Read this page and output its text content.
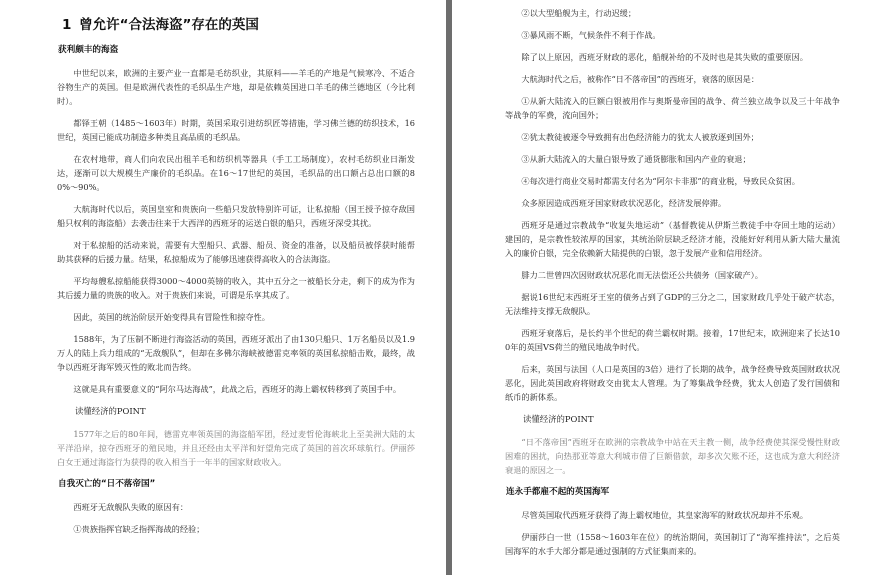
1 曾允许“合法海盗”存在的英国
获利颇丰的海盗

中世纪以来，欧洲的主要产业一直都是毛纺织业，其原料——羊毛的产地是气候寒冷、不适合谷物生产的英国。但是欧洲代表性的毛织品生产地，却是依赖英国进口羊毛的佛兰德地区（今比利时）。

都铎王朝（1485～1603年）时期，英国采取引进纺织匠等措施，学习佛兰德的纺织技术，16世纪，英国已能成功制造多种类且高品质的毛织品。

在农村地带，商人们向农民出租羊毛和纺织机等器具（手工工场制度），农村毛纺织业日渐发达，逐渐可以大规模生产廉价的毛织品。在16～17世纪的英国，毛织品的出口额占总出口额的80%～90%。

大航海时代以后，英国皇室和贵族向一些船只发放特别许可证，让私掠船（国王授予掠夺敌国船只权利的海盗船）去袭击往来于大西洋的西班牙的运送白银的船只，西班牙深受其扰。

对于私掠船的活动来说，需要有大型船只、武器、船员、资金的准备，以及船员被俘获时能帮助其获释的后援力量。结果，私掠船成为了能够迅速获得高收入的合法海盗。

平均每艘私掠船能获得3000～4000英镑的收入，其中五分之一被船长分走，剩下的成为作为其后援力量的贵族的收入。对于贵族们来说，可谓是乐享其成了。

因此，英国的统治阶层开始变得具有冒险性和掠夺性。

1588年，为了压制不断进行海盗活动的英国，西班牙派出了由130只船只、1万名船员以及1.9万人的陆上兵力组成的“无敌舰队”，但却在多佛尔海峡被德雷克率领的英国私掠船击败，最终，战争以西班牙海军毁灭性的败北而告终。

这就是具有重要意义的“阿尔马达海战”，此战之后，西班牙的海上霸权转移到了英国手中。

读懂经济的POINT

1577年之后的80年间，德雷克率领英国的海盗船军团，经过麦哲伦海峡北上至美洲大陆的太平洋沿岸，掠夺西班牙的殖民地，并且还经由太平洋和好望角完成了英国的首次环球航行。伊丽莎白女王通过海盗行为获得的收入相当于一年半的国家财政收入。

自我灭亡的“日不落帝国”

西班牙无敌舰队失败的原因有：

①贵族指挥官缺乏指挥海战的经验；

②以大型船舰为主，行动迟缓；

③暴风雨不断，气候条件不利于作战。

除了以上原因，西班牙财政的恶化，船舰补给的不及时也是其失败的重要原因。

大航海时代之后，被称作“日不落帝国”的西班牙，衰落的原因是：

①从新大陆流入的巨额白银被用作与奥斯曼帝国的战争、荷兰独立战争以及三十年战争等战争的军费，流向国外；

②犹太教徒被逐令导致拥有出色经济能力的犹太人被放逐到国外；

③从新大陆流入的大量白银导致了通货膨胀和国内产业的衰退；

④每次进行商业交易时都需支付名为“阿尔卡非那”的商业税，导致民众贫困。

众多原因造成西班牙国家财政状况恶化，经济发展停滞。

西班牙是通过宗教战争“收复失地运动”（基督教徒从伊斯兰教徒手中夺回土地的运动）建国的，是宗教性较浓厚的国家，其统治阶层缺乏经济才能，没能好好利用从新大陆大量流入的廉价白银，完全依赖新大陆提供的白银，忽于发展产业和信用经济。

腓力二世曾四次因财政状况恶化而无法偿还公共债务（国家破产）。

据说16世纪末西班牙王室的债务占到了GDP的三分之二，国家财政几乎处于破产状态，无法维持支撑无敌舰队。

西班牙衰落后，是长约半个世纪的荷兰霸权时期。接着，17世纪末，欧洲迎来了长达100年的英国VS荷兰的殖民地战争时代。

后来，英国与法国（人口是英国的3倍）进行了长期的战争，战争经费导致英国财政状况恶化，因此英国政府将财政交由犹太人管理。为了筹集战争经费，犹太人创造了发行国债和纸币的新体系。

读懂经济的POINT

“日不落帝国”西班牙在欧洲的宗教战争中站在天主教一侧，战争经费使其深受慢性财政困难的困扰，向热那亚等意大利城市借了巨额借款，却多次欠账不还，这也成为意大利经济衰退的原因之一。

连永手都雇不起的英国海军

尽管英国取代西班牙获得了海上霸权地位，其皇家海军的财政状况却并不乐观。

伊丽莎白一世（1558～1603年在位）的统治期间，英国制订了“海军推持法”，之后英国海军的水手大部分都是通过强制的方式征集而来的。
